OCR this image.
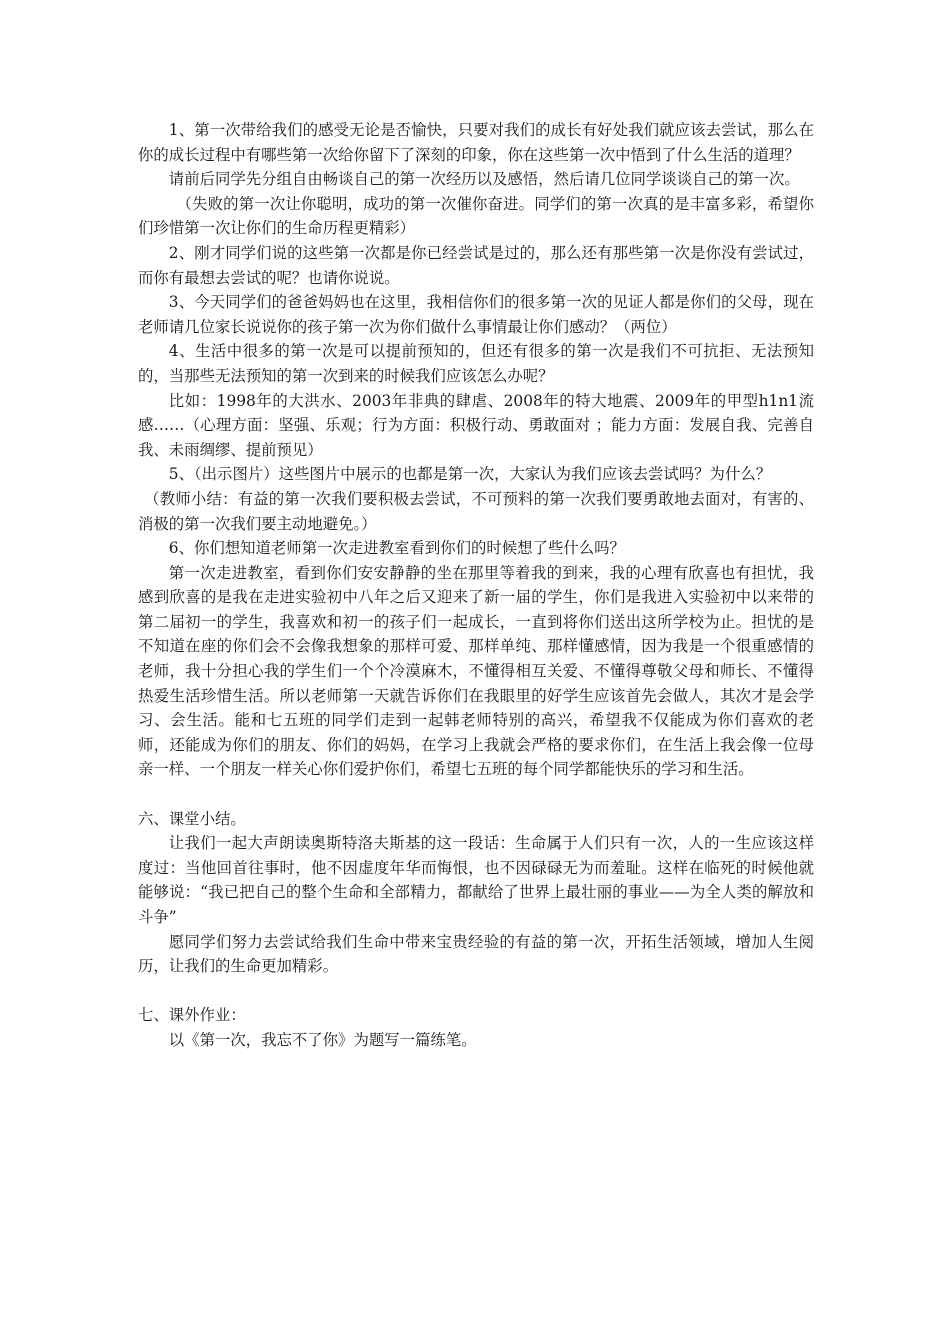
1、第一次带给我们的感受无论是否愉快，只要对我们的成长有好处我们就应该去尝试，那么在你的成长过程中有哪些第一次给你留下了深刻的印象，你在这些第一次中悟到了什么生活的道理？

请前后同学先分组自由畅谈自己的第一次经历以及感悟，然后请几位同学谈谈自己的第一次。

（失败的第一次让你聪明，成功的第一次催你奋进。同学们的第一次真的是丰富多彩，希望你们珍惜第一次让你们的生命历程更精彩）

2、刚才同学们说的这些第一次都是你已经尝试是过的，那么还有那些第一次是你没有尝试过，而你有最想去尝试的呢？也请你说说。

3、今天同学们的爸爸妈妈也在这里，我相信你们的很多第一次的见证人都是你们的父母，现在老师请几位家长说说你的孩子第一次为你们做什么事情最让你们感动？（两位）

4、生活中很多的第一次是可以提前预知的，但还有很多的第一次是我们不可抗拒、无法预知的，当那些无法预知的第一次到来的时候我们应该怎么办呢？

比如：1998年的大洪水、2003年非典的肆虐、2008年的特大地震、2009年的甲型h1n1流感……（心理方面：坚强、乐观；行为方面：积极行动、勇敢面对 ；能力方面：发展自我、完善自我、未雨绸缪、提前预见）

5、（出示图片）这些图片中展示的也都是第一次，大家认为我们应该去尝试吗？为什么？

（教师小结：有益的第一次我们要积极去尝试，不可预料的第一次我们要勇敢地去面对，有害的、消极的第一次我们要主动地避免。）

6、你们想知道老师第一次走进教室看到你们的时候想了些什么吗？

第一次走进教室，看到你们安安静静的坐在那里等着我的到来，我的心理有欣喜也有担忧，我感到欣喜的是我在走进实验初中八年之后又迎来了新一届的学生，你们是我进入实验初中以来带的第二届初一的学生，我喜欢和初一的孩子们一起成长，一直到将你们送出这所学校为止。担忧的是不知道在座的你们会不会像我想象的那样可爱、那样单纯、那样懂感情，因为我是一个很重感情的老师，我十分担心我的学生们一个个冷漠麻木，不懂得相互关爱、不懂得尊敬父母和师长、不懂得热爱生活珍惜生活。所以老师第一天就告诉你们在我眼里的好学生应该首先会做人，其次才是会学习、会生活。能和七五班的同学们走到一起韩老师特别的高兴，希望我不仅能成为你们喜欢的老师，还能成为你们的朋友、你们的妈妈，在学习上我就会严格的要求你们，在生活上我会像一位母亲一样、一个朋友一样关心你们爱护你们，希望七五班的每个同学都能快乐的学习和生活。

六、课堂小结。

让我们一起大声朗读奥斯特洛夫斯基的这一段话：生命属于人们只有一次，人的一生应该这样度过：当他回首往事时，他不因虚度年华而悔恨，也不因碌碌无为而羞耻。这样在临死的时候他就能够说：“我已把自己的整个生命和全部精力，都献给了世界上最壮丽的事业——为全人类的解放和斗争”

愿同学们努力去尝试给我们生命中带来宝贵经验的有益的第一次，开拓生活领域，增加人生阅历，让我们的生命更加精彩。

七、课外作业：

以《第一次，我忘不了你》为题写一篇练笔。
